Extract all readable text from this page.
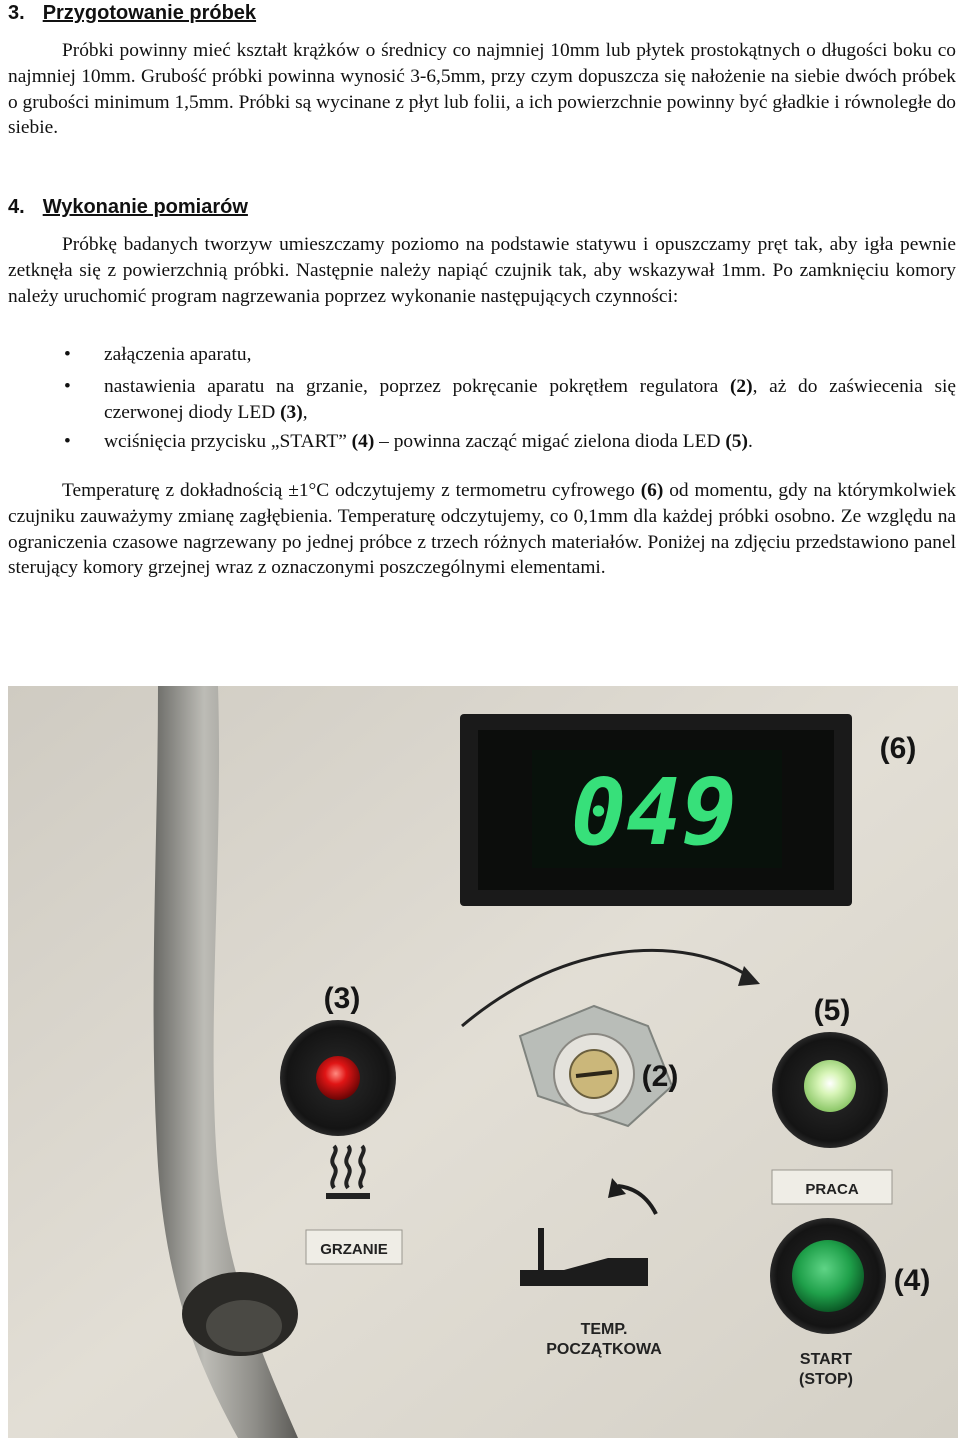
3. Przygotowanie próbek
Próbki powinny mieć kształt krążków o średnicy co najmniej 10mm lub płytek prostokątnych o długości boku co najmniej 10mm. Grubość próbki powinna wynosić 3-6,5mm, przy czym dopuszcza się nałożenie na siebie dwóch próbek o grubości minimum 1,5mm. Próbki są wycinane z płyt lub folii, a ich powierzchnie powinny być gładkie i równoległe do siebie.
4. Wykonanie pomiarów
Próbkę badanych tworzyw umieszczamy poziomo na podstawie statywu i opuszczamy pręt tak, aby igła pewnie zetknęła się z powierzchnią próbki. Następnie należy napiąć czujnik tak, aby wskazywał 1mm. Po zamknięciu komory należy uruchomić program nagrzewania poprzez wykonanie następujących czynności:
• załączenia aparatu,
• nastawienia aparatu na grzanie, poprzez pokręcanie pokrętłem regulatora (2), aż do zaświecenia się czerwonej diody LED (3),
• wciśnięcia przycisku „START” (4) – powinna zacząć migać zielona dioda LED (5).
Temperaturę z dokładnością ±1°C odczytujemy z termometru cyfrowego (6) od momentu, gdy na którymkolwiek czujniku zauważymy zmianę zagłębienia. Temperaturę odczytujemy, co 0,1mm dla każdej próbki osobno. Ze względu na ograniczenia czasowe nagrzewany po jednej próbce z trzech różnych materiałów. Poniżej na zdjęciu przedstawiono panel sterujący komory grzejnej wraz z oznaczonymi poszczególnymi elementami.
049
(6)
(3)
GRZANIE
(2)
TEMP.
POCZĄTKOWA
(5)
PRACA
(4)
START
(STOP)
